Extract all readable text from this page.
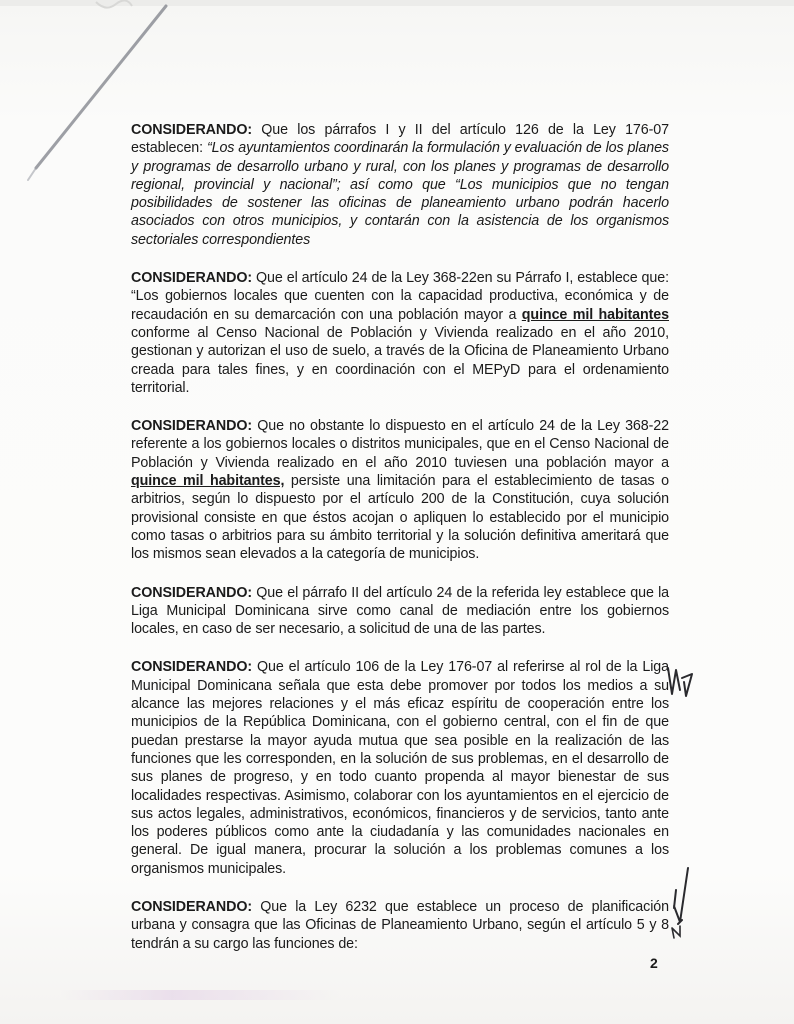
CONSIDERANDO: Que los párrafos I y II del artículo 126 de la Ley 176-07 establecen: “Los ayuntamientos coordinarán la formulación y evaluación de los planes y programas de desarrollo urbano y rural, con los planes y programas de desarrollo regional, provincial y nacional”; así como que “Los municipios que no tengan posibilidades de sostener las oficinas de planeamiento urbano podrán hacerlo asociados con otros municipios, y contarán con la asistencia de los organismos sectoriales correspondientes

CONSIDERANDO: Que el artículo 24 de la Ley 368-22en su Párrafo I, establece que: “Los gobiernos locales que cuenten con la capacidad productiva, económica y de recaudación en su demarcación con una población mayor a quince mil habitantes conforme al Censo Nacional de Población y Vivienda realizado en el año 2010, gestionan y autorizan el uso de suelo, a través de la Oficina de Planeamiento Urbano creada para tales fines, y en coordinación con el MEPyD para el ordenamiento territorial.

CONSIDERANDO: Que no obstante lo dispuesto en el artículo 24 de la Ley 368-22 referente a los gobiernos locales o distritos municipales, que en el Censo Nacional de Población y Vivienda realizado en el año 2010 tuviesen una población mayor a quince mil habitantes, persiste una limitación para el establecimiento de tasas o arbitrios, según lo dispuesto por el artículo 200 de la Constitución, cuya solución provisional consiste en que éstos acojan o apliquen lo establecido por el municipio como tasas o arbitrios para su ámbito territorial y la solución definitiva ameritará que los mismos sean elevados a la categoría de municipios.

CONSIDERANDO: Que el párrafo II del artículo 24 de la referida ley establece que la Liga Municipal Dominicana sirve como canal de mediación entre los gobiernos locales, en caso de ser necesario, a solicitud de una de las partes.

CONSIDERANDO: Que el artículo 106 de la Ley 176-07 al referirse al rol de la Liga Municipal Dominicana señala que esta debe promover por todos los medios a su alcance las mejores relaciones y el más eficaz espíritu de cooperación entre los municipios de la República Dominicana, con el gobierno central, con el fin de que puedan prestarse la mayor ayuda mutua que sea posible en la realización de las funciones que les corresponden, en la solución de sus problemas, en el desarrollo de sus planes de progreso, y en todo cuanto propenda al mayor bienestar de sus localidades respectivas. Asimismo, colaborar con los ayuntamientos en el ejercicio de sus actos legales, administrativos, económicos, financieros y de servicios, tanto ante los poderes públicos como ante la ciudadanía y las comunidades nacionales en general. De igual manera, procurar la solución a los problemas comunes a los organismos municipales.

CONSIDERANDO: Que la Ley 6232 que establece un proceso de planificación urbana y consagra que las Oficinas de Planeamiento Urbano, según el artículo 5 y 8 tendrán a su cargo las funciones de:

2
